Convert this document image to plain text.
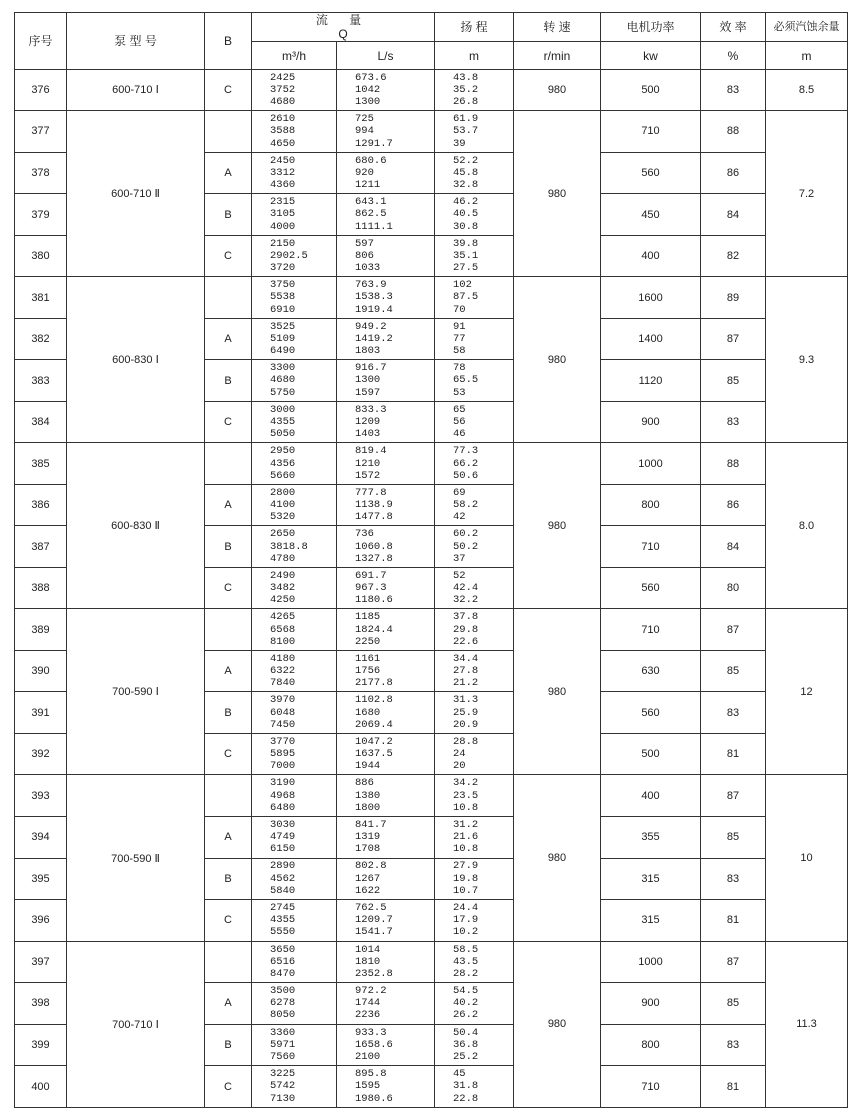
序号	泵 型 号	B	流 量
Q		扬 程	转 速	电机功率	效 率	必须汽蚀余量
			m³/h	L/s	m	r/min	kw	%	m
376	600-710 Ⅰ	C	2425
3752
4680	673.6
1042
1300	43.8
35.2
26.8	980	500	83	8.5
377	600-710 Ⅱ		2610
3588
4650	725
994
1291.7	61.9
53.7
39	980	710	88	7.2
378		A	2450
3312
4360	680.6
920
1211	52.2
45.8
32.8		560	86	
379		B	2315
3105
4000	643.1
862.5
1111.1	46.2
40.5
30.8		450	84	
380		C	2150
2902.5
3720	597
806
1033	39.8
35.1
27.5		400	82	
381	600-830 Ⅰ		3750
5538
6910	763.9
1538.3
1919.4	102
87.5
70	980	1600	89	9.3
382		A	3525
5109
6490	949.2
1419.2
1803	91
77
58		1400	87	
383		B	3300
4680
5750	916.7
1300
1597	78
65.5
53		1120	85	
384		C	3000
4355
5050	833.3
1209
1403	65
56
46		900	83	
385	600-830 Ⅱ		2950
4356
5660	819.4
1210
1572	77.3
66.2
50.6	980	1000	88	8.0
386		A	2800
4100
5320	777.8
1138.9
1477.8	69
58.2
42		800	86	
387		B	2650
3818.8
4780	736
1060.8
1327.8	60.2
50.2
37		710	84	
388		C	2490
3482
4250	691.7
967.3
1180.6	52
42.4
32.2		560	80	
389	700-590 Ⅰ		4265
6568
8100	1185
1824.4
2250	37.8
29.8
22.6	980	710	87	12
390		A	4180
6322
7840	1161
1756
2177.8	34.4
27.8
21.2		630	85	
391		B	3970
6048
7450	1102.8
1680
2069.4	31.3
25.9
20.9		560	83	
392		C	3770
5895
7000	1047.2
1637.5
1944	28.8
24
20		500	81	
393	700-590 Ⅱ		3190
4968
6480	886
1380
1800	34.2
23.5
10.8	980	400	87	10
394		A	3030
4749
6150	841.7
1319
1708	31.2
21.6
10.8		355	85	
395		B	2890
4562
5840	802.8
1267
1622	27.9
19.8
10.7		315	83	
396		C	2745
4355
5550	762.5
1209.7
1541.7	24.4
17.9
10.2		315	81	
397	700-710 Ⅰ		3650
6516
8470	1014
1810
2352.8	58.5
43.5
28.2	980	1000	87	11.3
398		A	3500
6278
8050	972.2
1744
2236	54.5
40.2
26.2		900	85	
399		B	3360
5971
7560	933.3
1658.6
2100	50.4
36.8
25.2		800	83	
400		C	3225
5742
7130	895.8
1595
1980.6	45
31.8
22.8		710	81	
